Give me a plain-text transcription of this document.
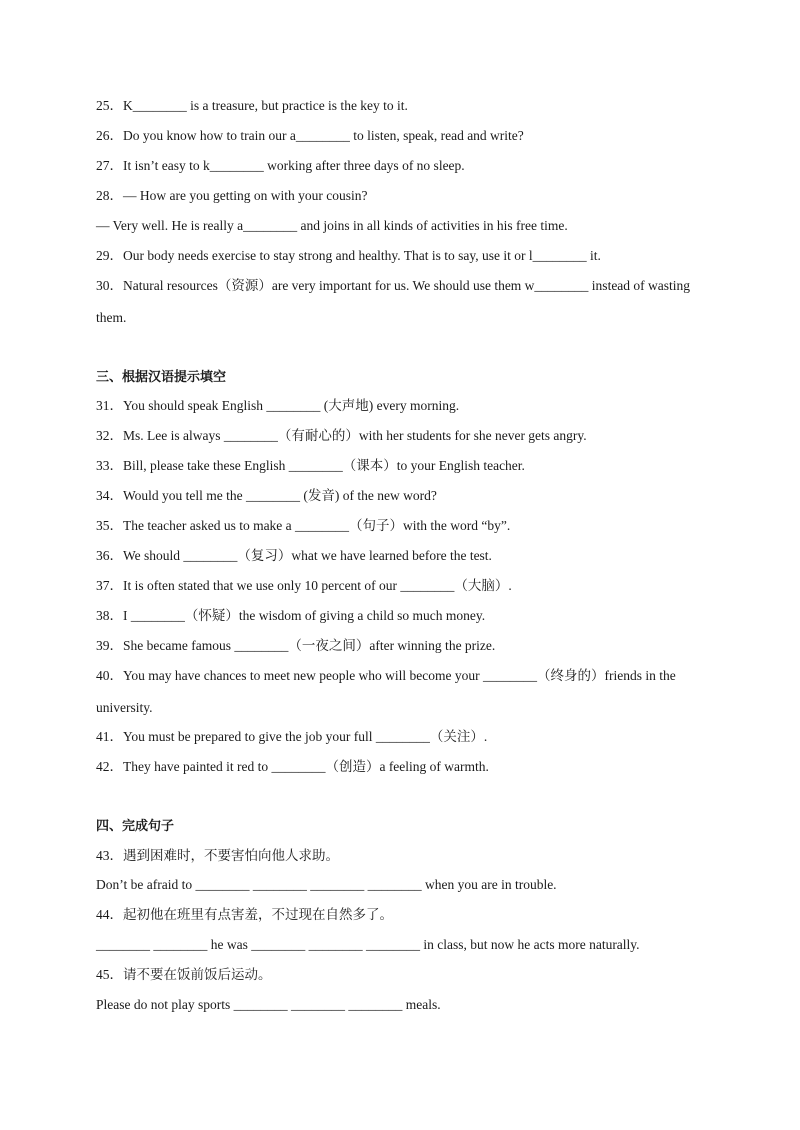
25．K________ is a treasure, but practice is the key to it.
26．Do you know how to train our a________ to listen, speak, read and write?
27．It isn’t easy to k________ working after three days of no sleep.
28．— How are you getting on with your cousin?
— Very well. He is really a________ and joins in all kinds of activities in his free time.
29．Our body needs exercise to stay strong and healthy. That is to say, use it or l________ it.
30．Natural resources（资源）are very important for us. We should use them w________ instead of wasting
them.
三、根据汉语提示填空
31．You should speak English ________ (大声地) every morning.
32．Ms. Lee is always ________（有耐心的）with her students for she never gets angry.
33．Bill, please take these English ________（课本）to your English teacher.
34．Would you tell me the ________ (发音) of the new word?
35．The teacher asked us to make a ________（句子）with the word “by”.
36．We should ________（复习）what we have learned before the test.
37．It is often stated that we use only 10 percent of our ________（大脑）.
38．I ________（怀疑）the wisdom of giving a child so much money.
39．She became famous ________（一夜之间）after winning the prize.
40．You may have chances to meet new people who will become your ________（终身的）friends in the
university.
41．You must be prepared to give the job your full ________（关注）.
42．They have painted it red to ________（创造）a feeling of warmth.
四、完成句子
43．遇到困难时，不要害怕向他人求助。
Don’t be afraid to ________ ________ ________ ________ when you are in trouble.
44．起初他在班里有点害羞，不过现在自然多了。
________ ________ he was ________ ________ ________ in class, but now he acts more naturally.
45．请不要在饭前饭后运动。
Please do not play sports ________ ________ ________ meals.
